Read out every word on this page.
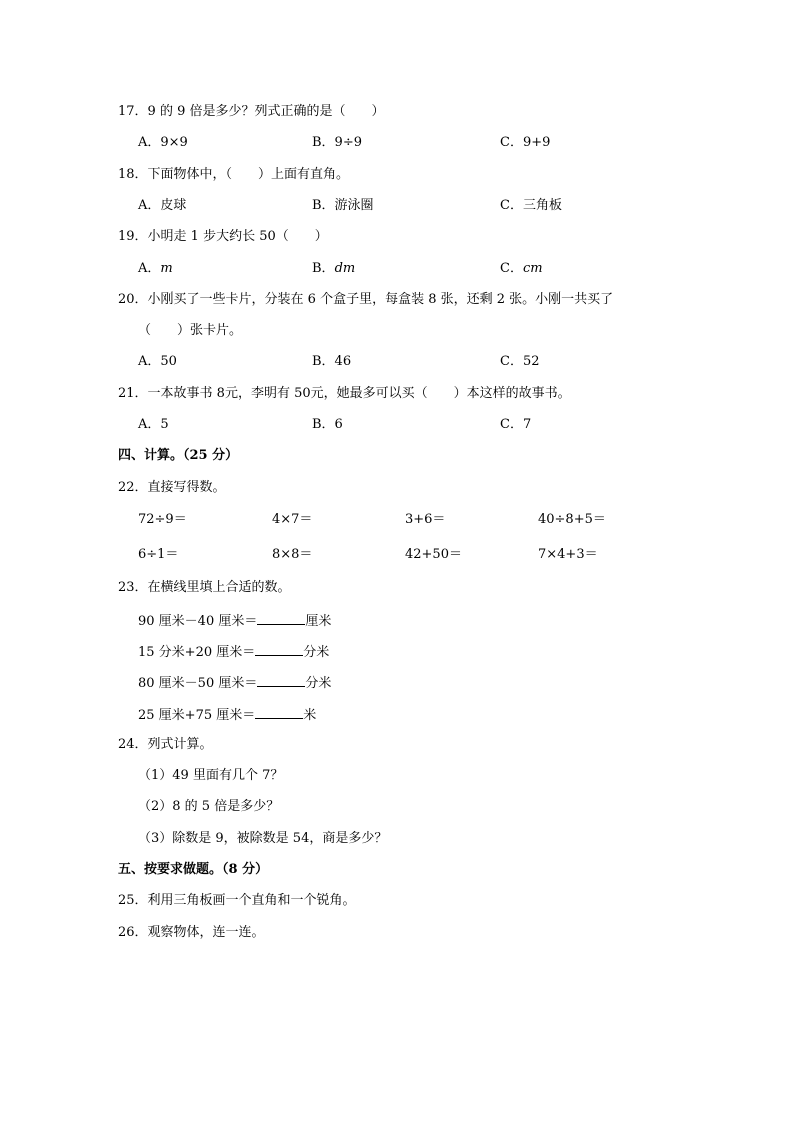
17．9 的 9 倍是多少？列式正确的是（　　）
A．9×9	B．9÷9	C．9+9
18．下面物体中，（　　）上面有直角。
A．皮球	B．游泳圈	C．三角板
19．小明走 1 步大约长 50（　　）
A．m	B．dm	C．cm
20．小刚买了一些卡片，分装在 6 个盒子里，每盒装 8 张，还剩 2 张。小刚一共买了
（　　）张卡片。
A．50	B．46	C．52
21．一本故事书 8元，李明有 50元，她最多可以买（　　）本这样的故事书。
A．5	B．6	C．7
四、计算。（25 分）
22．直接写得数。
72÷9＝	4×7＝	3+6＝	40÷8+5＝
6÷1＝	8×8＝	42+50＝	7×4+3＝
23．在横线里填上合适的数。
90 厘米－40 厘米＝	厘米
15 分米+20 厘米＝	分米
80 厘米－50 厘米＝	分米
25 厘米+75 厘米＝	米
24．列式计算。
（1）49 里面有几个 7？
（2）8 的 5 倍是多少？
（3）除数是 9，被除数是 54，商是多少？
五、按要求做题。（8 分）
25．利用三角板画一个直角和一个锐角。
26．观察物体，连一连。
